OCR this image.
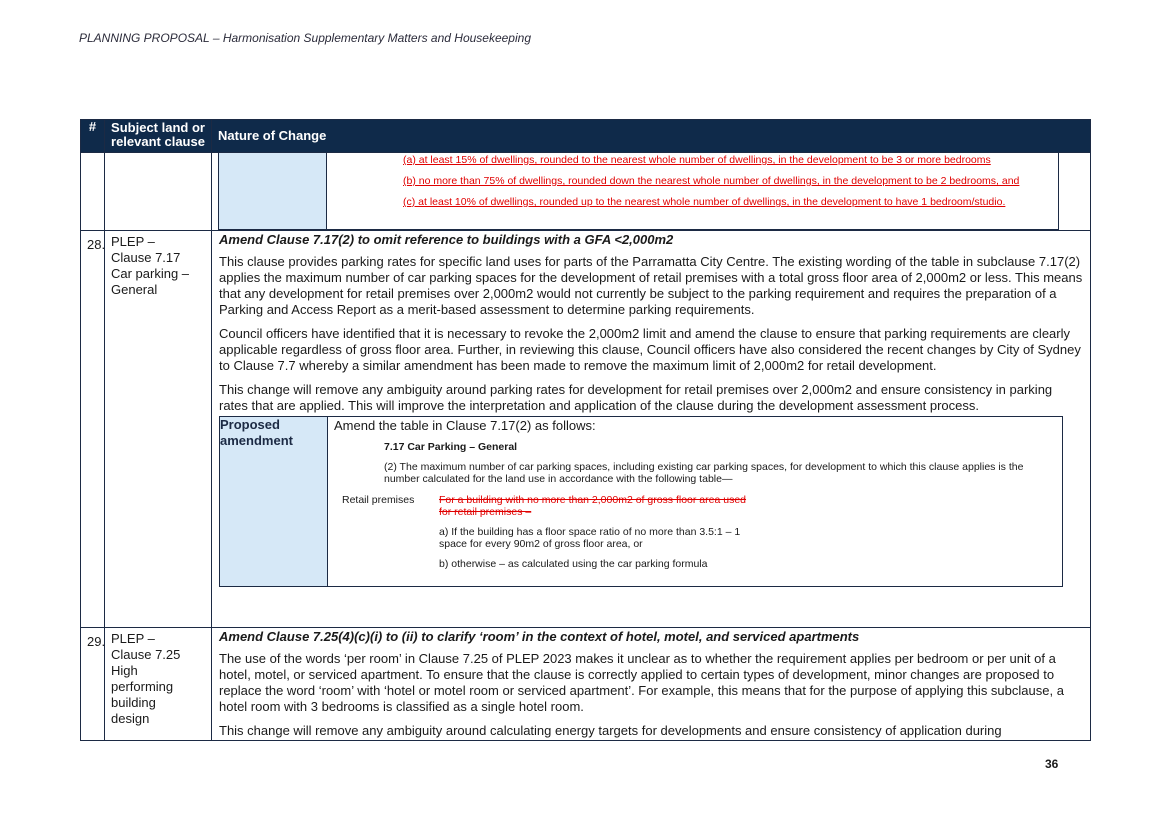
PLANNING PROPOSAL – Harmonisation Supplementary Matters and Housekeeping
#	Subject land or relevant clause	Nature of Change

(a) at least 15% of dwellings, rounded to the nearest whole number of dwellings, in the development to be 3 or more bedrooms
(b) no more than 75% of dwellings, rounded down the nearest whole number of dwellings, in the development to be 2 bedrooms, and
(c) at least 10% of dwellings, rounded up to the nearest whole number of dwellings, in the development to have 1 bedroom/studio.

28.	PLEP –
Clause 7.17
Car parking –
General

Amend Clause 7.17(2) to omit reference to buildings with a GFA <2,000m2

This clause provides parking rates for specific land uses for parts of the Parramatta City Centre. The existing wording of the table in subclause 7.17(2) applies the maximum number of car parking spaces for the development of retail premises with a total gross floor area of 2,000m2 or less. This means that any development for retail premises over 2,000m2 would not currently be subject to the parking requirement and requires the preparation of a Parking and Access Report as a merit-based assessment to determine parking requirements.

Council officers have identified that it is necessary to revoke the 2,000m2 limit and amend the clause to ensure that parking requirements are clearly applicable regardless of gross floor area. Further, in reviewing this clause, Council officers have also considered the recent changes by City of Sydney to Clause 7.7 whereby a similar amendment has been made to remove the maximum limit of 2,000m2 for retail development.

This change will remove any ambiguity around parking rates for development for retail premises over 2,000m2 and ensure consistency in parking rates that are applied. This will improve the interpretation and application of the clause during the development assessment process.

Proposed amendment	
Amend the table in Clause 7.17(2) as follows:
7.17 Car Parking – General
(2) The maximum number of car parking spaces, including existing car parking spaces, for development to which this clause applies is the number calculated for the land use in accordance with the following table—
Retail premises	For a building with no more than 2,000m2 of gross floor area used for retail premises –
a) If the building has a floor space ratio of no more than 3.5:1 – 1 space for every 90m2 of gross floor area, or
b) otherwise – as calculated using the car parking formula

29.	PLEP –
Clause 7.25
High
performing
building
design

Amend Clause 7.25(4)(c)(i) to (ii) to clarify ‘room’ in the context of hotel, motel, and serviced apartments

The use of the words ‘per room’ in Clause 7.25 of PLEP 2023 makes it unclear as to whether the requirement applies per bedroom or per unit of a hotel, motel, or serviced apartment. To ensure that the clause is correctly applied to certain types of development, minor changes are proposed to replace the word ‘room’ with ‘hotel or motel room or serviced apartment’. For example, this means that for the purpose of applying this subclause, a hotel room with 3 bedrooms is classified as a single hotel room.

This change will remove any ambiguity around calculating energy targets for developments and ensure consistency of application during

36
